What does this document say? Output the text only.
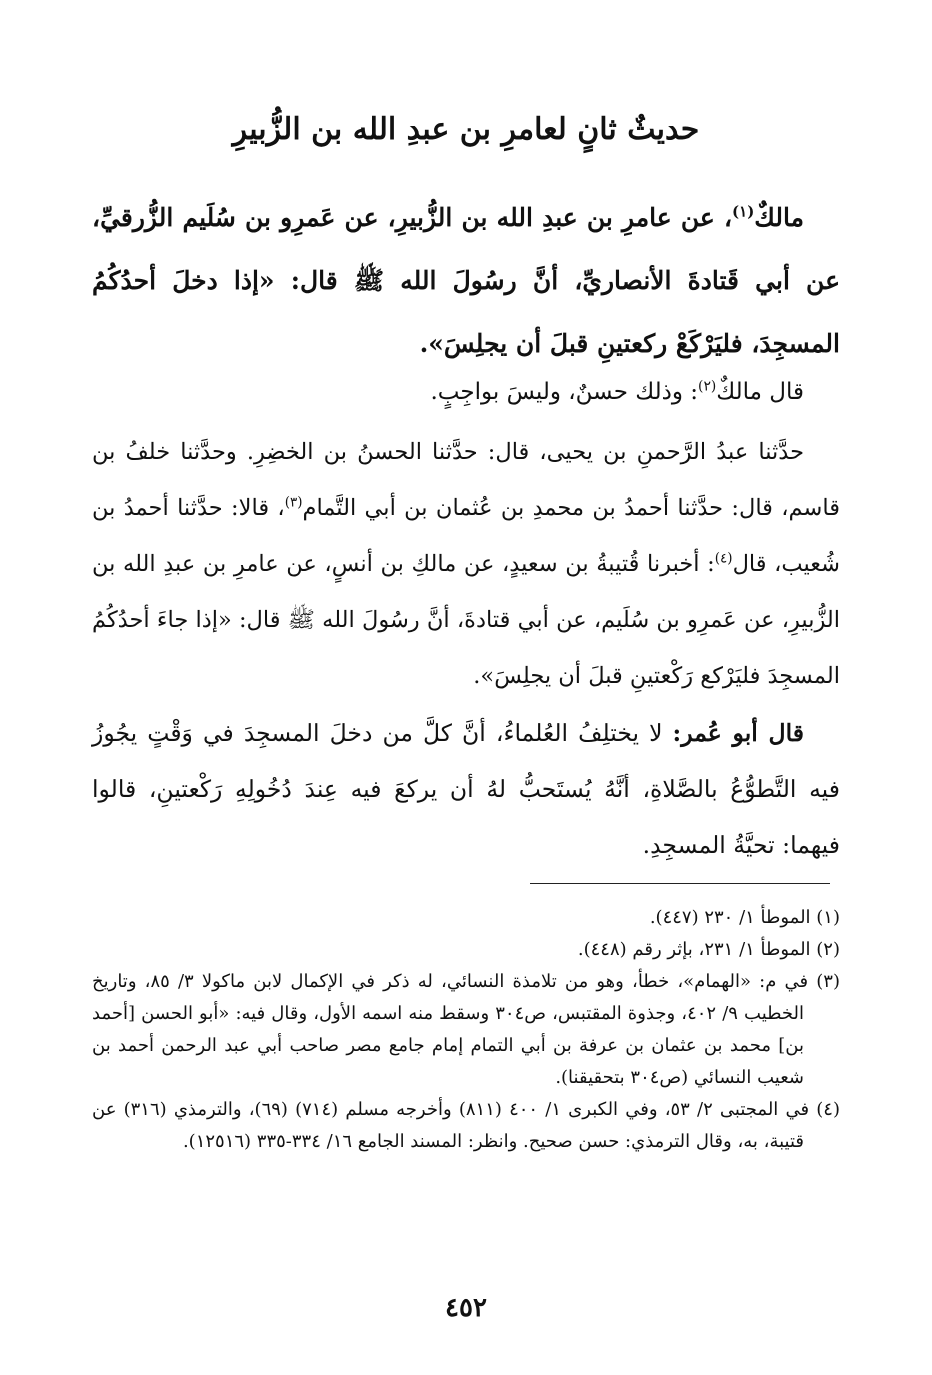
حديثٌ ثانٍ لعامرِ بن عبدِ الله بن الزُّبيرِ

مالكٌ$^{(١)}$، عن عامرِ بن عبدِ الله بن الزُّبيرِ، عن عَمرِو بن سُلَيم الزُّرقيِّ، عن أبي قَتادةَ الأنصاريِّ، أنَّ رسُولَ الله ﷺ قال: «إذا دخلَ أحدُكُمُ المسجِدَ، فليَرْكَعْ ركعتينِ قبلَ أن يجلِسَ».

قال مالكٌ$^{(٢)}$: وذلك حسنٌ، وليسَ بواجِبٍ.

حدَّثنا عبدُ الرَّحمنِ بن يحيى، قال: حدَّثنا الحسنُ بن الخضِرِ. وحدَّثنا خلفُ بن قاسم، قال: حدَّثنا أحمدُ بن محمدِ بن عُثمان بن أبي التَّمام$^{(٣)}$، قالا: حدَّثنا أحمدُ بن شُعيب، قال$^{(٤)}$: أخبرنا قُتيبةُ بن سعيدٍ، عن مالكِ بن أنسٍ، عن عامرِ بن عبدِ الله بن الزُّبيرِ، عن عَمرِو بن سُلَيم، عن أبي قتادةَ، أنَّ رسُولَ الله ﷺ قال: «إذا جاءَ أحدُكُمُ المسجِدَ فليَرْكع رَكْعتينِ قبلَ أن يجلِسَ».

قال أبو عُمر: لا يختلِفُ العُلماءُ، أنَّ كلَّ من دخلَ المسجِدَ في وَقْتٍ يجُوزُ فيه التَّطوُّعُ بالصَّلاةِ، أنَّهُ يُستَحبُّ لهُ أن يركعَ فيه عِندَ دُخُولِهِ رَكْعتينِ، قالوا فيهما: تحيَّةُ المسجِدِ.

(١) الموطأ ١/ ٢٣٠ (٤٤٧).

(٢) الموطأ ١/ ٢٣١، بإثر رقم (٤٤٨).

(٣) في م: «الهمام»، خطأ، وهو من تلامذة النسائي، له ذكر في الإكمال لابن ماكولا ٣/ ٨٥، وتاريخ الخطيب ٩/ ٤٠٢، وجذوة المقتبس، ص٣٠٤ وسقط منه اسمه الأول، وقال فيه: «أبو الحسن [أحمد بن] محمد بن عثمان بن عرفة بن أبي التمام إمام جامع مصر صاحب أبي عبد الرحمن أحمد بن شعيب النسائي (ص٣٠٤ بتحقيقنا).

(٤) في المجتبى ٢/ ٥٣، وفي الكبرى ١/ ٤٠٠ (٨١١) وأخرجه مسلم (٧١٤) (٦٩)، والترمذي (٣١٦) عن قتيبة، به، وقال الترمذي: حسن صحيح. وانظر: المسند الجامع ١٦/ ٣٣٤-٣٣٥ (١٢٥١٦).

٤٥٢
